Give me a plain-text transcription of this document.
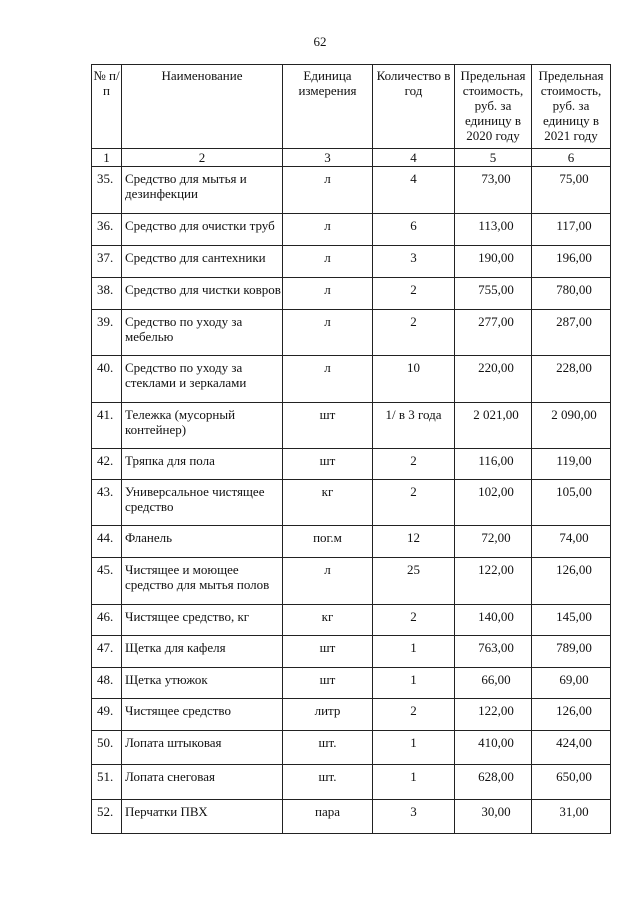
62
№ п/п	Наименование	Единица измерения	Количество в год	Предельная стоимость, руб. за единицу в 2020 году	Предельная стоимость, руб. за единицу в 2021 году
1	2	3	4	5	6
35.	Средство для мытья и дезинфекции	л	4	73,00	75,00
36.	Средство для очистки труб	л	6	113,00	117,00
37.	Средство для сантехники	л	3	190,00	196,00
38.	Средство для чистки ковров	л	2	755,00	780,00
39.	Средство по уходу за мебелью	л	2	277,00	287,00
40.	Средство по уходу за стеклами и зеркалами	л	10	220,00	228,00
41.	Тележка (мусорный контейнер)	шт	1/ в 3 года	2 021,00	2 090,00
42.	Тряпка для пола	шт	2	116,00	119,00
43.	Универсальное чистящее средство	кг	2	102,00	105,00
44.	Фланель	пог.м	12	72,00	74,00
45.	Чистящее и моющее средство для мытья полов	л	25	122,00	126,00
46.	Чистящее средство, кг	кг	2	140,00	145,00
47.	Щетка для кафеля	шт	1	763,00	789,00
48.	Щетка утюжок	шт	1	66,00	69,00
49.	Чистящее средство	литр	2	122,00	126,00
50.	Лопата штыковая	шт.	1	410,00	424,00
51.	Лопата снеговая	шт.	1	628,00	650,00
52.	Перчатки ПВХ	пара	3	30,00	31,00
